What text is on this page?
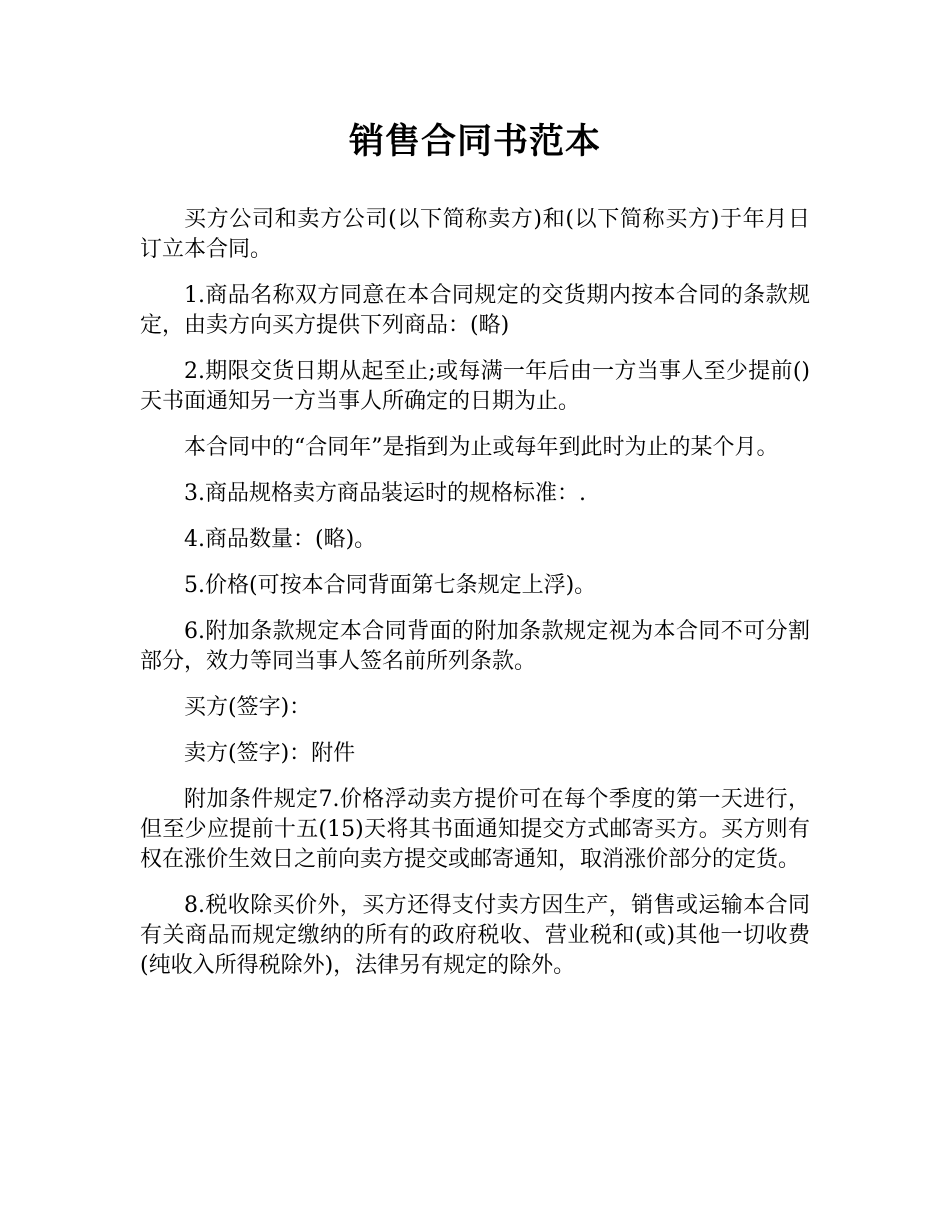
销售合同书范本

买方公司和卖方公司(以下简称卖方)和(以下简称买方)于年月日订立本合同。

1.商品名称双方同意在本合同规定的交货期内按本合同的条款规定，由卖方向买方提供下列商品：(略)

2.期限交货日期从起至止;或每满一年后由一方当事人至少提前()天书面通知另一方当事人所确定的日期为止。

本合同中的“合同年”是指到为止或每年到此时为止的某个月。

3.商品规格卖方商品装运时的规格标准：.

4.商品数量：(略)。

5.价格(可按本合同背面第七条规定上浮)。

6.附加条款规定本合同背面的附加条款规定视为本合同不可分割部分，效力等同当事人签名前所列条款。

买方(签字)：

卖方(签字)：附件

附加条件规定7.价格浮动卖方提价可在每个季度的第一天进行，但至少应提前十五(15)天将其书面通知提交方式邮寄买方。买方则有权在涨价生效日之前向卖方提交或邮寄通知，取消涨价部分的定货。

8.税收除买价外，买方还得支付卖方因生产，销售或运输本合同有关商品而规定缴纳的所有的政府税收、营业税和(或)其他一切收费(纯收入所得税除外)，法律另有规定的除外。
